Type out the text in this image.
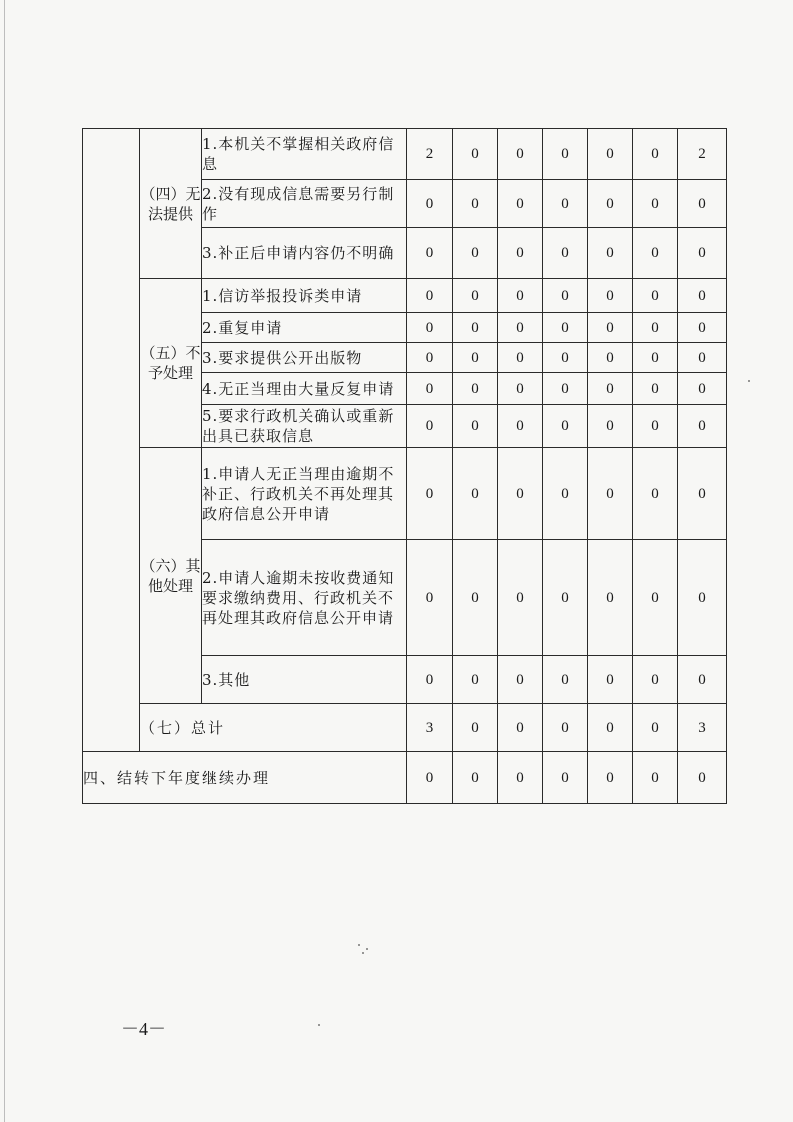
	（四）无法提供	1.本机关不掌握相关政府信息	2	0	0	0	0	0	2
		2.没有现成信息需要另行制作	0	0	0	0	0	0	0
		3.补正后申请内容仍不明确	0	0	0	0	0	0	0
	（五）不予处理	1.信访举报投诉类申请	0	0	0	0	0	0	0
		2.重复申请	0	0	0	0	0	0	0
		3.要求提供公开出版物	0	0	0	0	0	0	0
		4.无正当理由大量反复申请	0	0	0	0	0	0	0
		5.要求行政机关确认或重新出具已获取信息	0	0	0	0	0	0	0
	（六）其他处理	1.申请人无正当理由逾期不补正、行政机关不再处理其政府信息公开申请	0	0	0	0	0	0	0
		2.申请人逾期未按收费通知要求缴纳费用、行政机关不再处理其政府信息公开申请	0	0	0	0	0	0	0
		3.其他	0	0	0	0	0	0	0
	（七）总计		3	0	0	0	0	0	3
四、结转下年度继续办理			0	0	0	0	0	0	0
－4－
